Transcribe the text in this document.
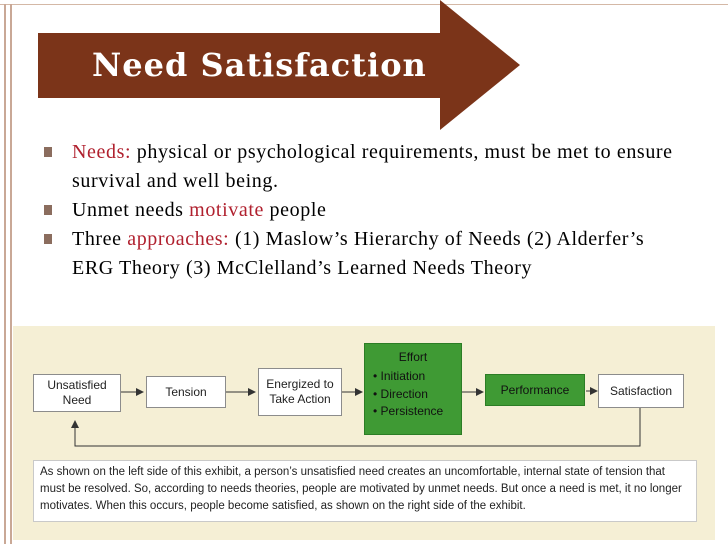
Need Satisfaction
Needs: physical or psychological requirements, must be met to ensure survival and well being.
Unmet needs motivate people
Three approaches: (1) Maslow’s Hierarchy of Needs (2) Alderfer’s ERG Theory (3) McClelland’s Learned Needs Theory
Unsatisfied Need
Tension
Energized to Take Action
Effort
• Initiation
• Direction
• Persistence
Performance	Satisfaction
As shown on the left side of this exhibit, a person’s unsatisfied need creates an uncomfortable, internal state of tension that must be resolved. So, according to needs theories, people are motivated by unmet needs. But once a need is met, it no longer motivates. When this occurs, people become satisfied, as shown on the right side of the exhibit.
